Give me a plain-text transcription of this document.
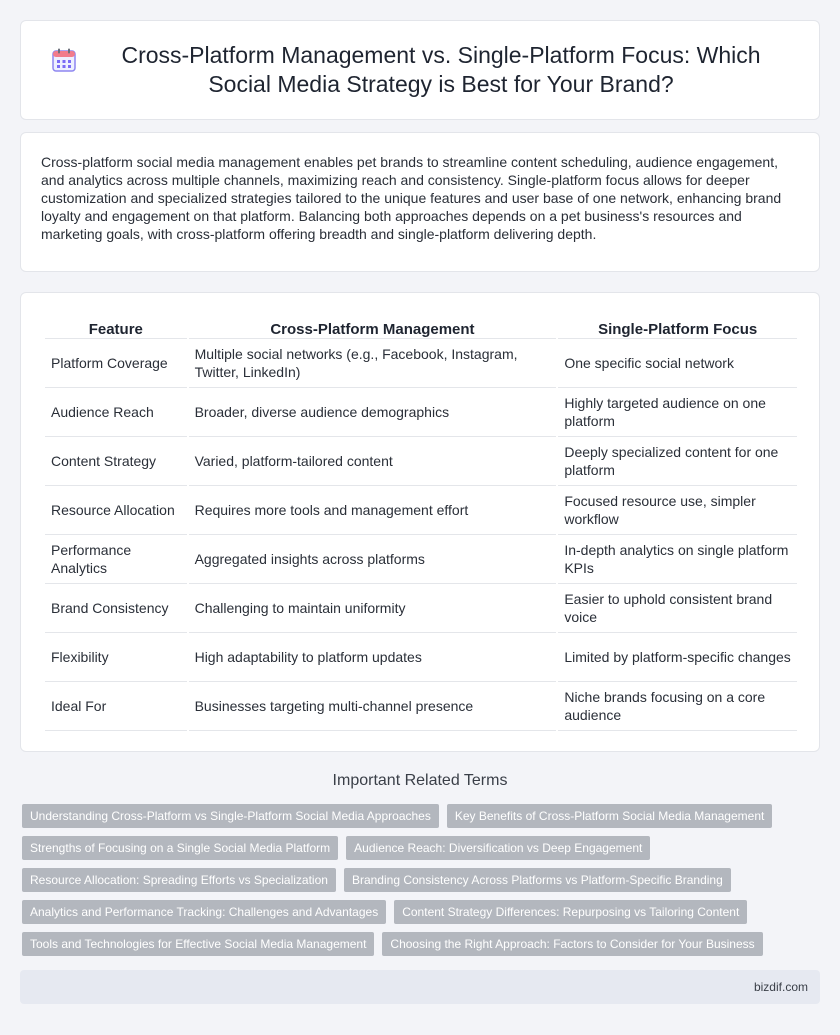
Cross-Platform Management vs. Single-Platform Focus: Which Social Media Strategy is Best for Your Brand?

Cross-platform social media management enables pet brands to streamline content scheduling, audience engagement, and analytics across multiple channels, maximizing reach and consistency. Single-platform focus allows for deeper customization and specialized strategies tailored to the unique features and user base of one network, enhancing brand loyalty and engagement on that platform. Balancing both approaches depends on a pet business's resources and marketing goals, with cross-platform offering breadth and single-platform delivering depth.

Feature	Cross-Platform Management	Single-Platform Focus
Platform Coverage	Multiple social networks (e.g., Facebook, Instagram, Twitter, LinkedIn)	One specific social network
Audience Reach	Broader, diverse audience demographics	Highly targeted audience on one platform
Content Strategy	Varied, platform-tailored content	Deeply specialized content for one platform
Resource Allocation	Requires more tools and management effort	Focused resource use, simpler workflow
Performance Analytics	Aggregated insights across platforms	In-depth analytics on single platform KPIs
Brand Consistency	Challenging to maintain uniformity	Easier to uphold consistent brand voice
Flexibility	High adaptability to platform updates	Limited by platform-specific changes
Ideal For	Businesses targeting multi-channel presence	Niche brands focusing on a core audience
Important Related Terms
Understanding Cross-Platform vs Single-Platform Social Media Approaches	Key Benefits of Cross-Platform Social Media Management
Strengths of Focusing on a Single Social Media Platform	Audience Reach: Diversification vs Deep Engagement
Resource Allocation: Spreading Efforts vs Specialization	Branding Consistency Across Platforms vs Platform-Specific Branding
Analytics and Performance Tracking: Challenges and Advantages	Content Strategy Differences: Repurposing vs Tailoring Content
Tools and Technologies for Effective Social Media Management	Choosing the Right Approach: Factors to Consider for Your Business
bizdif.com
